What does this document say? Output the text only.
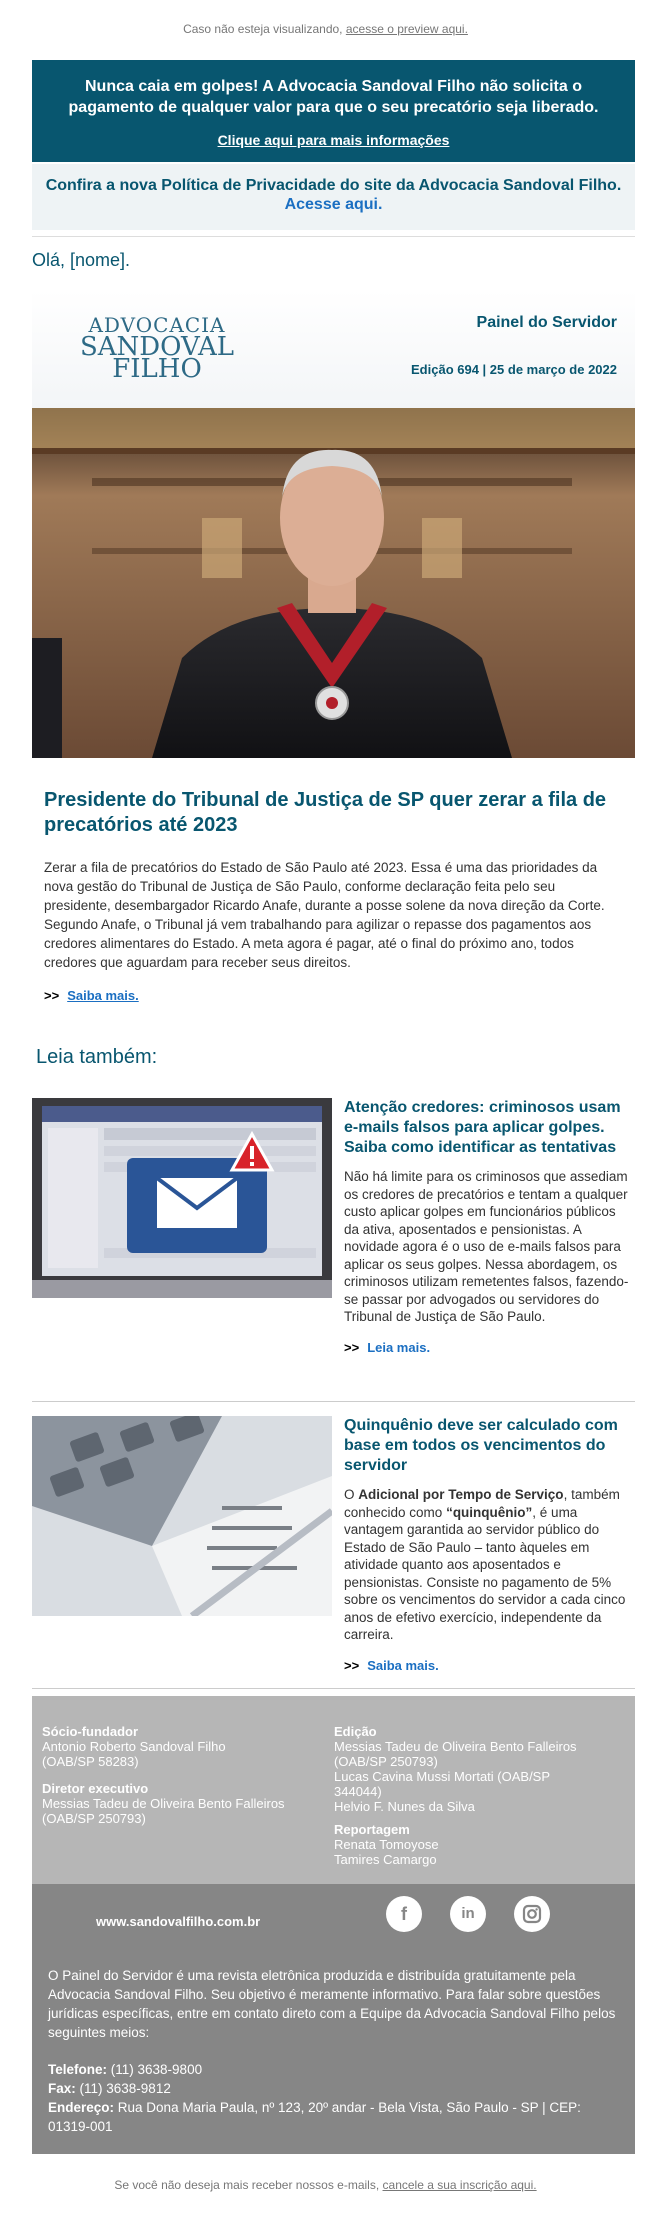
Caso não esteja visualizando, acesse o preview aqui.
Nunca caia em golpes! A Advocacia Sandoval Filho não solicita o pagamento de qualquer valor para que o seu precatório seja liberado.
Clique aqui para mais informações
Confira a nova Política de Privacidade do site da Advocacia Sandoval Filho.
Acesse aqui.
Olá, [nome].
ADVOCACIA
SANDOVAL
FILHO
Painel do Servidor
Edição 694 | 25 de março de 2022
Presidente do Tribunal de Justiça de SP quer zerar a fila de precatórios até 2023
Zerar a fila de precatórios do Estado de São Paulo até 2023. Essa é uma das prioridades da nova gestão do Tribunal de Justiça de São Paulo, conforme declaração feita pelo seu presidente, desembargador Ricardo Anafe, durante a posse solene da nova direção da Corte. Segundo Anafe, o Tribunal já vem trabalhando para agilizar o repasse dos pagamentos aos credores alimentares do Estado. A meta agora é pagar, até o final do próximo ano, todos credores que aguardam para receber seus direitos.
>> Saiba mais.
Leia também:
Atenção credores: criminosos usam e-mails falsos para aplicar golpes. Saiba como identificar as tentativas
Não há limite para os criminosos que assediam os credores de precatórios e tentam a qualquer custo aplicar golpes em funcionários públicos da ativa, aposentados e pensionistas. A novidade agora é o uso de e-mails falsos para aplicar os seus golpes. Nessa abordagem, os criminosos utilizam remetentes falsos, fazendo-se passar por advogados ou servidores do Tribunal de Justiça de São Paulo.
>> Leia mais.
Quinquênio deve ser calculado com base em todos os vencimentos do servidor
O Adicional por Tempo de Serviço, também conhecido como “quinquênio”, é uma vantagem garantida ao servidor público do Estado de São Paulo – tanto àqueles em atividade quanto aos aposentados e pensionistas. Consiste no pagamento de 5% sobre os vencimentos do servidor a cada cinco anos de efetivo exercício, independente da carreira.
>> Saiba mais.
Sócio-fundador
Antonio Roberto Sandoval Filho
(OAB/SP 58283)
Diretor executivo
Messias Tadeu de Oliveira Bento Falleiros
(OAB/SP 250793)
Edição
Messias Tadeu de Oliveira Bento Falleiros
(OAB/SP 250793)
Lucas Cavina Mussi Mortati (OAB/SP
344044)
Helvio F. Nunes da Silva
Reportagem
Renata Tomoyose
Tamires Camargo
www.sandovalfilho.com.br	f	in
O Painel do Servidor é uma revista eletrônica produzida e distribuída gratuitamente pela Advocacia Sandoval Filho. Seu objetivo é meramente informativo. Para falar sobre questões jurídicas específicas, entre em contato direto com a Equipe da Advocacia Sandoval Filho pelos seguintes meios:
Telefone: (11) 3638-9800
Fax: (11) 3638-9812
Endereço: Rua Dona Maria Paula, nº 123, 20º andar - Bela Vista, São Paulo - SP | CEP: 01319-001
Se você não deseja mais receber nossos e-mails, cancele a sua inscrição aqui.
